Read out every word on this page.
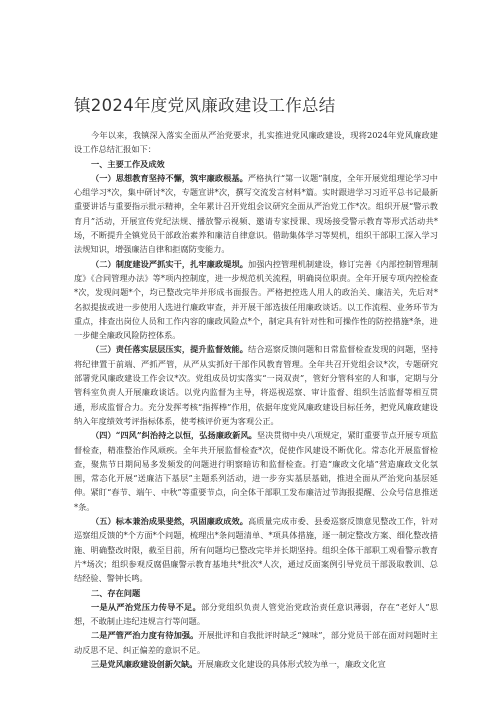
镇2024年度党风廉政建设工作总结

今年以来，我镇深入落实全面从严治党要求，扎实推进党风廉政建设，现将2024年党风廉政建设工作总结汇报如下：

一、主要工作及成效

（一）思想教育坚持不懈，筑牢廉政根基。严格执行“第一议题”制度，全年开展党组理论学习中心组学习*次，集中研讨*次，专题宣讲*次，撰写交流发言材料*篇。实时跟进学习习近平总书记最新重要讲话与重要指示批示精神，全年累计召开党组会议研究全面从严治党工作*次。组织开展“警示教育月”活动，开展宣传党纪法规、播放警示视频、邀请专家授课、现场接受警示教育等形式活动共*场，不断提升全镇党员干部政治素养和廉洁自律意识。借助集体学习等契机，组织干部职工深入学习法规知识，增强廉洁自律和拒腐防变能力。

（二）制度建设严抓实干，扎牢廉政堤坝。加强内控管理机制建设，修订完善《内部控制管理制度》《合同管理办法》等*项内控制度，进一步规范机关流程，明确岗位职责。全年开展专项内控检查*次，发现问题*个，均已整改完毕并形成书面报告。严格把控选人用人的政治关、廉洁关，先后对*名拟提拔或进一步使用人选进行廉政审查，并开展干部选拔任用廉政谈话。以工作流程、业务环节为重点，排查出岗位人员和工作内容的廉政风险点*个，制定具有针对性和可操作性的防控措施*条，进一步健全廉政风险防控体系。

（三）责任落实层层压实，提升监督效能。结合巡察反馈问题和日常监督检查发现的问题，坚持将纪律置于前端、严抓严管，从严从实抓好干部作风教育管理。全年共召开党组会议*次，专题研究部署党风廉政建设工作会议*次。党组成员切实落实“一岗双责”，管好分管科室的人和事，定期与分管科室负责人开展廉政谈话。以党内监督为主导，将巡视巡察、审计监督、组织生活监督等相互贯通，形成监督合力。充分发挥考核“指挥棒”作用，依据年度党风廉政建设目标任务，把党风廉政建设纳入年度绩效考评指标体系，使考核评价更为客观公正。

（四）“四风”纠治持之以恒，弘扬廉政新风。坚决贯彻中央八项规定，紧盯重要节点开展专项监督检查，精准整治作风顽疾。全年共开展监督检查*次，促使作风建设不断优化。常态化开展监督检查，聚焦节日期间易多发频发的问题进行明察暗访和监督检查。打造“廉政文化墙”营造廉政文化氛围，常态化开展“送廉洁下基层”主题系列活动，进一步夯实基层基础，推进全面从严治党向基层延伸。紧盯“春节、端午、中秋”等重要节点，向全体干部职工发布廉洁过节海报提醒、公众号信息推送*条。

（五）标本兼治成果斐然，巩固廉政成效。高质量完成市委、县委巡察反馈意见整改工作，针对巡察组反馈的*个方面*个问题，梳理出*条问题清单、*项具体措施，逐一制定整改方案、细化整改措施、明确整改时限，截至目前，所有问题均已整改完毕并长期坚持。组织全体干部职工观看警示教育片*场次；组织参观反腐倡廉警示教育基地共*批次*人次，通过反面案例引导党员干部汲取教训、总结经验、警钟长鸣。

二、存在问题

一是从严治党压力传导不足。部分党组织负责人管党治党政治责任意识薄弱，存在“老好人”思想，不敢制止违纪违规言行等问题。

二是严管严治力度有待加强。开展批评和自我批评时缺乏“辣味”，部分党员干部在面对问题时主动反思不足、纠正偏差的意识不足。

三是党风廉政建设创新欠缺。开展廉政文化建设的具体形式较为单一，廉政文化宣
